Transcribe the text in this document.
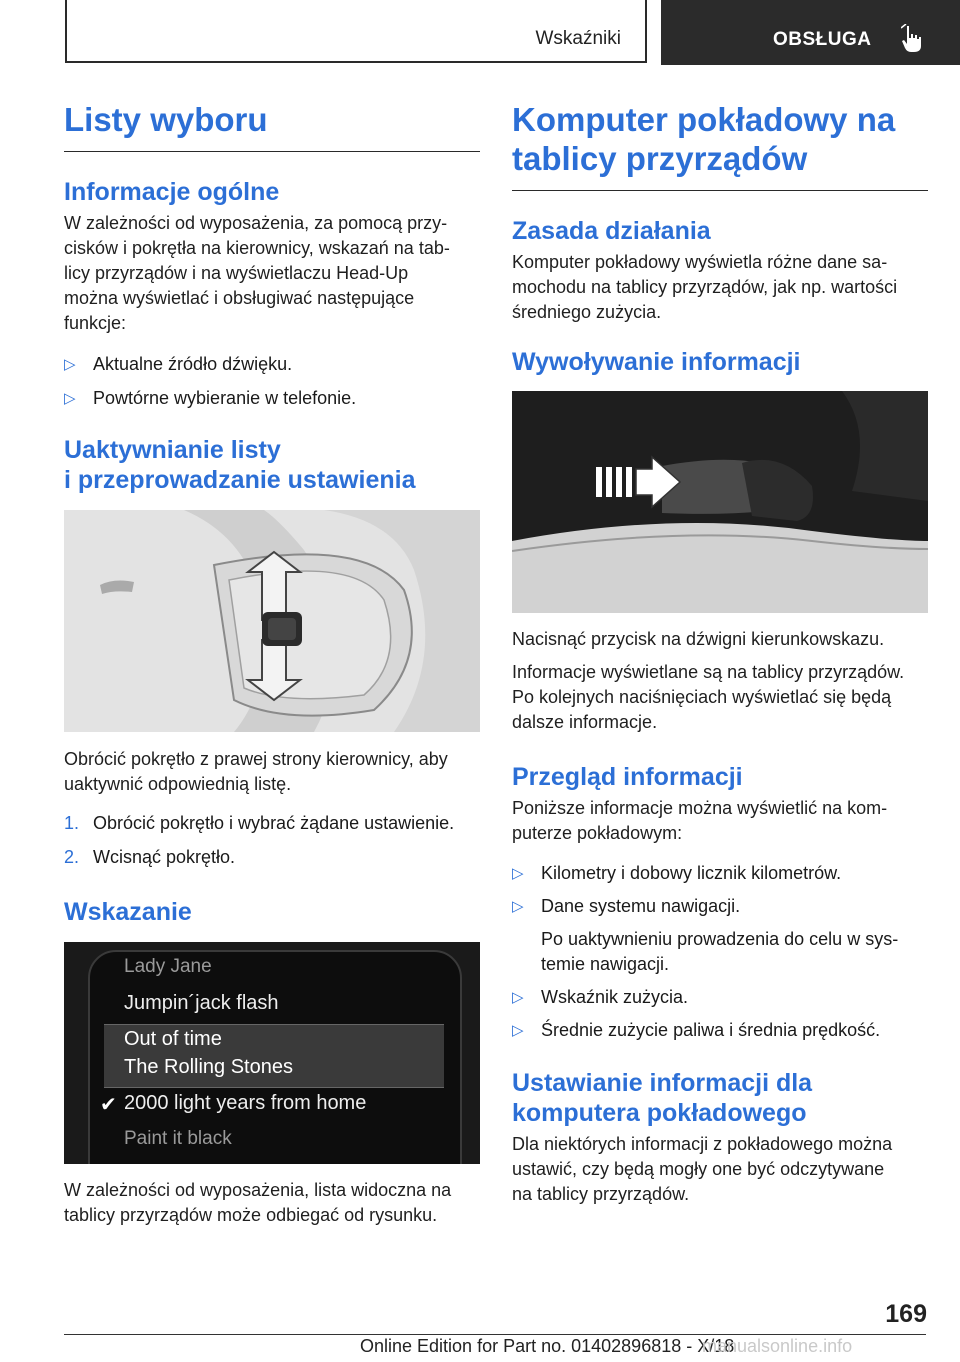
Wskaźniki	OBSŁUGA
Listy wyboru
Informacje ogólne

W zależności od wyposażenia, za pomocą przy-
cisków i pokrętła na kierownicy, wskazań na tab-
licy przyrządów i na wyświetlaczu Head-Up
można wyświetlać i obsługiwać następujące
funkcje:

▷ Aktualne źródło dźwięku.
▷ Powtórne wybieranie w telefonie.
Uaktywnianie listy
i przeprowadzanie ustawienia

Obrócić pokrętło z prawej strony kierownicy, aby
uaktywnić odpowiednią listę.

1. Obrócić pokrętło i wybrać żądane ustawienie.
2. Wcisnąć pokrętło.
Wskazanie
Lady Jane
Jumpin´jack flash
Out of time
The Rolling Stones
✔ 2000 light years from home
Paint it black

W zależności od wyposażenia, lista widoczna na
tablicy przyrządów może odbiegać od rysunku.

Komputer pokładowy na
tablicy przyrządów
Zasada działania

Komputer pokładowy wyświetla różne dane sa-
mochodu na tablicy przyrządów, jak np. wartości
średniego zużycia.

Wywoływanie informacji

Nacisnąć przycisk na dźwigni kierunkowskazu.

Informacje wyświetlane są na tablicy przyrządów.
Po kolejnych naciśnięciach wyświetlać się będą
dalsze informacje.

Przegląd informacji

Poniższe informacje można wyświetlić na kom-
puterze pokładowym:

▷ Kilometry i dobowy licznik kilometrów.
▷ Dane systemu nawigacji.
Po uaktywnieniu prowadzenia do celu w sys-
temie nawigacji.
▷ Wskaźnik zużycia.
▷ Średnie zużycie paliwa i średnia prędkość.
Ustawianie informacji dla
komputera pokładowego

Dla niektórych informacji z pokładowego można
ustawić, czy będą mogły one być odczytywane
na tablicy przyrządów.

169
Online Edition for Part no. 01402896818 - X/18
manualsonline.info
